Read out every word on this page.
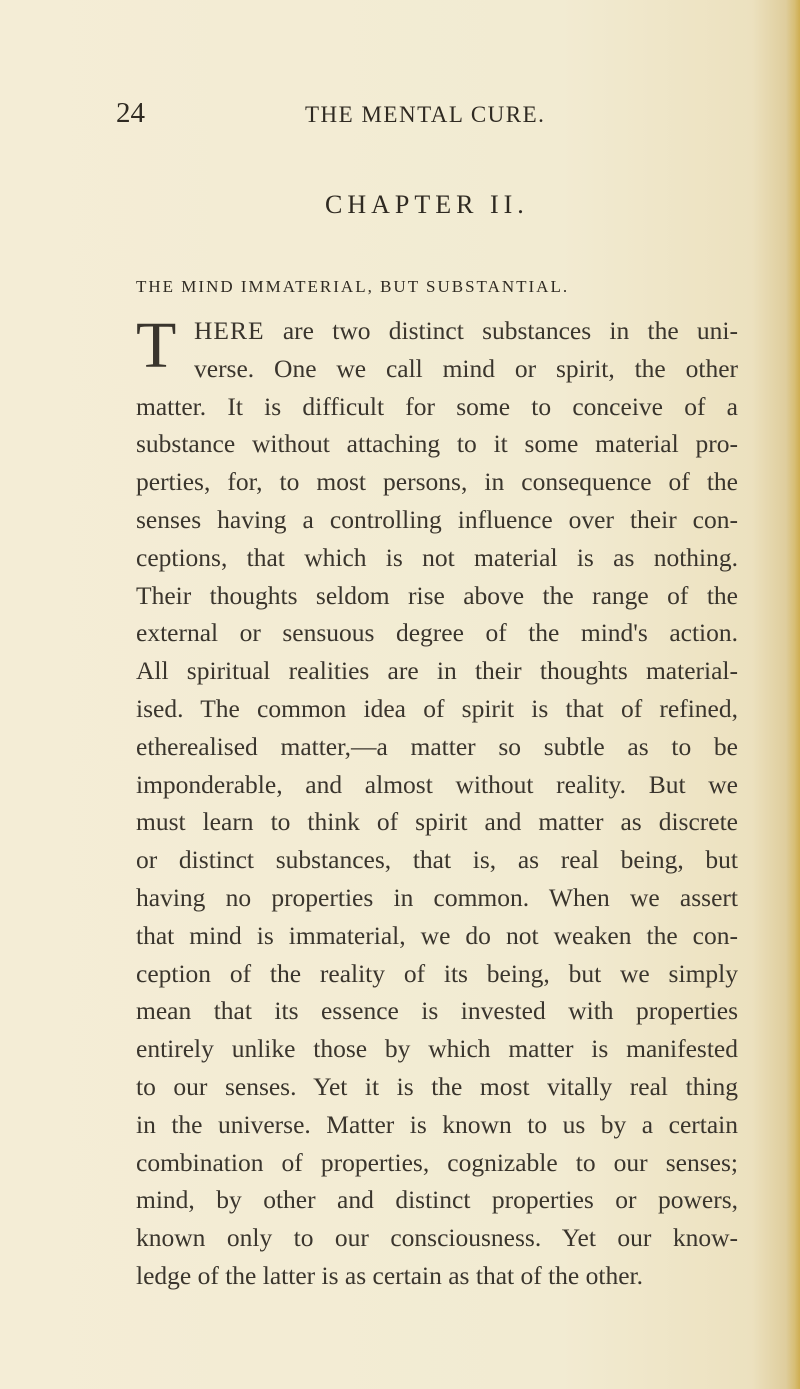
24	THE MENTAL CURE.
CHAPTER II.
THE MIND IMMATERIAL, BUT SUBSTANTIAL.
T HERE are two distinct substances in the uni-
verse. One we call mind or spirit, the other
matter. It is difficult for some to conceive of a
substance without attaching to it some material pro-
perties, for, to most persons, in consequence of the
senses having a controlling influence over their con-
ceptions, that which is not material is as nothing.
Their thoughts seldom rise above the range of the
external or sensuous degree of the mind's action.
All spiritual realities are in their thoughts material-
ised. The common idea of spirit is that of refined,
etherealised matter,—a matter so subtle as to be
imponderable, and almost without reality. But we
must learn to think of spirit and matter as discrete
or distinct substances, that is, as real being, but
having no properties in common. When we assert
that mind is immaterial, we do not weaken the con-
ception of the reality of its being, but we simply
mean that its essence is invested with properties
entirely unlike those by which matter is manifested
to our senses. Yet it is the most vitally real thing
in the universe. Matter is known to us by a certain
combination of properties, cognizable to our senses;
mind, by other and distinct properties or powers,
known only to our consciousness. Yet our know-
ledge of the latter is as certain as that of the other.
